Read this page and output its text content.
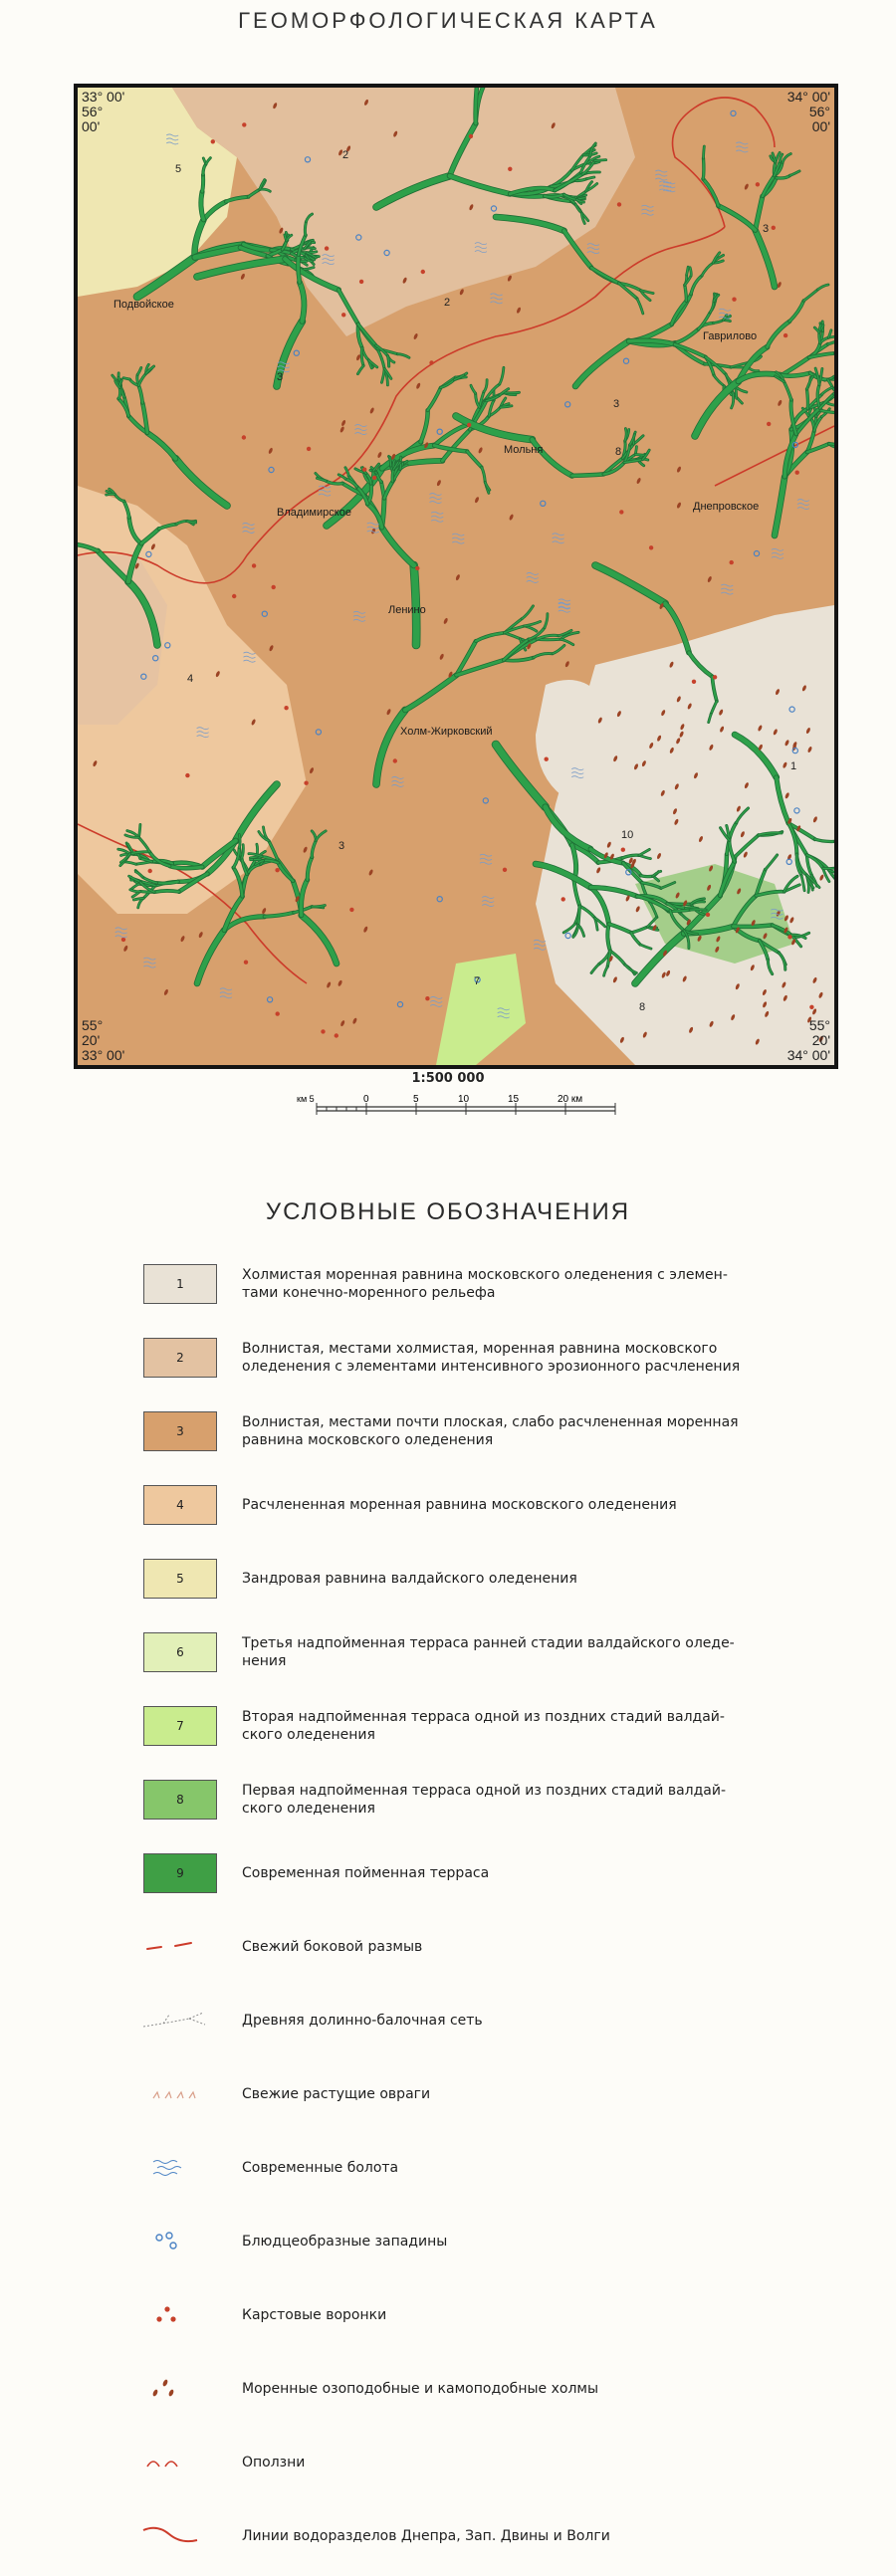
ГЕОМОРФОЛОГИЧЕСКАЯ КАРТА
33° 00'
56°
00'
34° 00'
56°
00'
55°
20'
33° 00'
55°
20'
34° 00'
Подвойское
Гаврилово
Мольня
Владимирское	Днепровское
Ленино
Холм-Жирковский
5
2
2
3
3
3
4
3
1
10
7
8
8
1:500 000
км 5	0	5	10	15	20 км
УСЛОВНЫЕ ОБОЗНАЧЕНИЯ
1
Холмистая моренная равнина московского оледенения с элемен-
тами конечно-моренного рельефа
2
Волнистая, местами холмистая, моренная равнина московского
оледенения с элементами интенсивного эрозионного расчленения
3
Волнистая, местами почти плоская, слабо расчлененная моренная
равнина московского оледенения
4	Расчлененная моренная равнина московского оледенения
5	Зандровая равнина валдайского оледенения
6
Третья надпойменная терраса ранней стадии валдайского оледе-
нения
7
Вторая надпойменная терраса одной из поздних стадий валдай-
ского оледенения
8
Первая надпойменная терраса одной из поздних стадий валдай-
ского оледенения
9	Современная пойменная терраса
Свежий боковой размыв
Древняя долинно-балочная сеть
Свежие растущие овраги
Современные болота
Блюдцеобразные западины
Карстовые воронки
Моренные озоподобные и камоподобные холмы
Оползни
Линии водоразделов Днепра, Зап. Двины и Волги
